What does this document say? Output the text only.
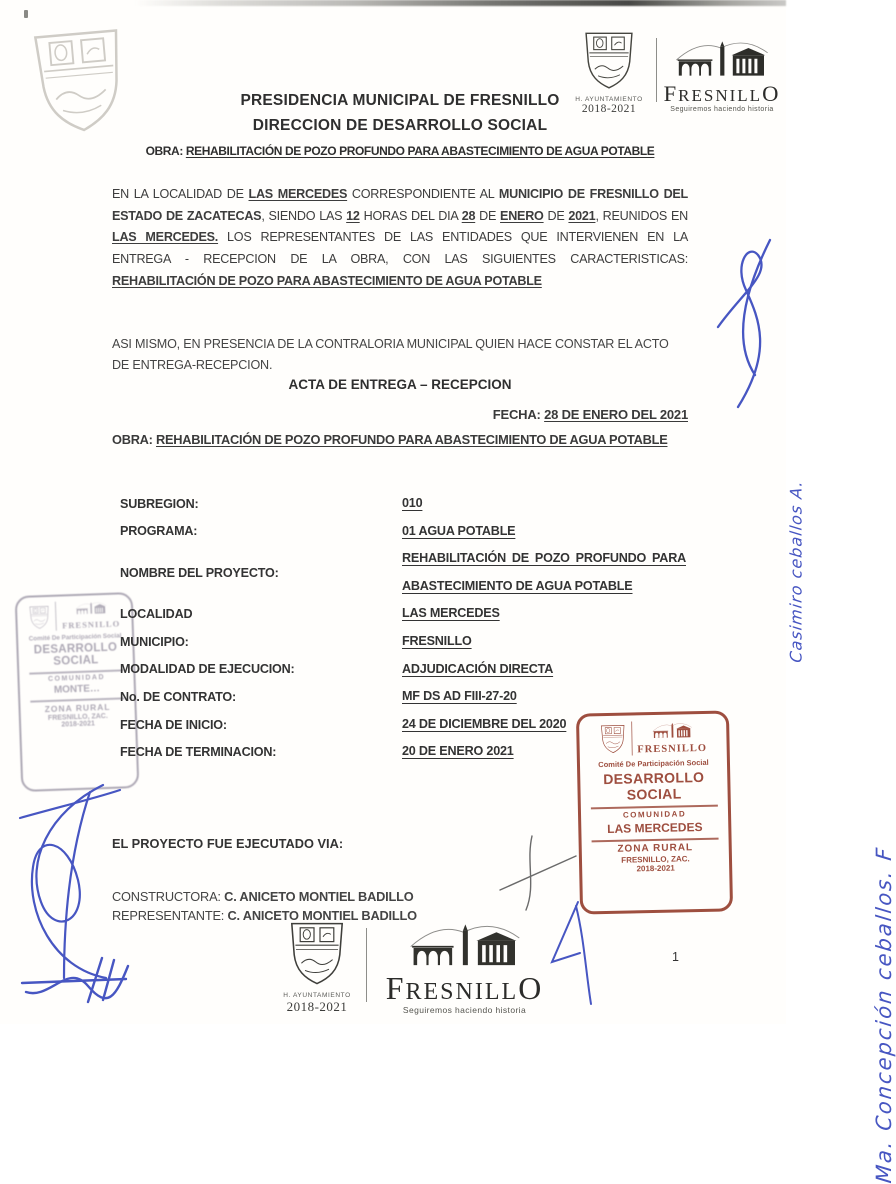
H. AYUNTAMIENTO
2018-2021
F RESNILL O
Seguiremos haciendo historia
PRESIDENCIA MUNICIPAL DE FRESNILLO
DIRECCION DE DESARROLLO SOCIAL
OBRA: REHABILITACIÓN DE POZO PROFUNDO PARA ABASTECIMIENTO DE AGUA POTABLE
EN LA LOCALIDAD DE LAS MERCEDES CORRESPONDIENTE AL MUNICIPIO DE FRESNILLO DEL ESTADO DE ZACATECAS, SIENDO LAS 12 HORAS DEL DIA 28 DE ENERO DE 2021, REUNIDOS EN LAS MERCEDES. LOS REPRESENTANTES DE LAS ENTIDADES QUE INTERVIENEN EN LA ENTREGA - RECEPCION DE LA OBRA, CON LAS SIGUIENTES CARACTERISTICAS: REHABILITACIÓN DE POZO PARA ABASTECIMIENTO DE AGUA POTABLE
ASI MISMO, EN PRESENCIA DE LA CONTRALORIA MUNICIPAL QUIEN HACE CONSTAR EL ACTO DE ENTREGA-RECEPCION.
ACTA DE ENTREGA – RECEPCION
FECHA: 28 DE ENERO DEL 2021
OBRA: REHABILITACIÓN DE POZO PROFUNDO PARA ABASTECIMIENTO DE AGUA POTABLE
SUBREGION:	010
PROGRAMA:	01 AGUA POTABLE
NOMBRE DEL PROYECTO:
REHABILITACIÓN DE POZO PROFUNDO PARA ABASTECIMIENTO DE AGUA POTABLE
LOCALIDAD	LAS MERCEDES
MUNICIPIO:	FRESNILLO
MODALIDAD DE EJECUCION:	ADJUDICACIÓN DIRECTA
No. DE CONTRATO:	MF DS AD FIII-27-20
FECHA DE INICIO:	24 DE DICIEMBRE DEL 2020
FECHA DE TERMINACION:	20 DE ENERO 2021
EL PROYECTO FUE EJECUTADO VIA:
CONSTRUCTORA: C. ANICETO MONTIEL BADILLO
REPRESENTANTE: C. ANICETO MONTIEL BADILLO
FRESNILLO
Comité De Participación Social
DESARROLLO SOCIAL
COMUNIDAD
MONTE…
ZONA RURAL
FRESNILLO, ZAC.
2018-2021
FRESNILLO
Comité De Participación Social
DESARROLLO SOCIAL
COMUNIDAD
LAS MERCEDES
ZONA RURAL
FRESNILLO, ZAC.
2018-2021
Casimiro ceballos A.
Ma. Concepción ceballos. F
H. AYUNTAMIENTO
2018-2021
F RESNILL O
Seguiremos haciendo historia
1
